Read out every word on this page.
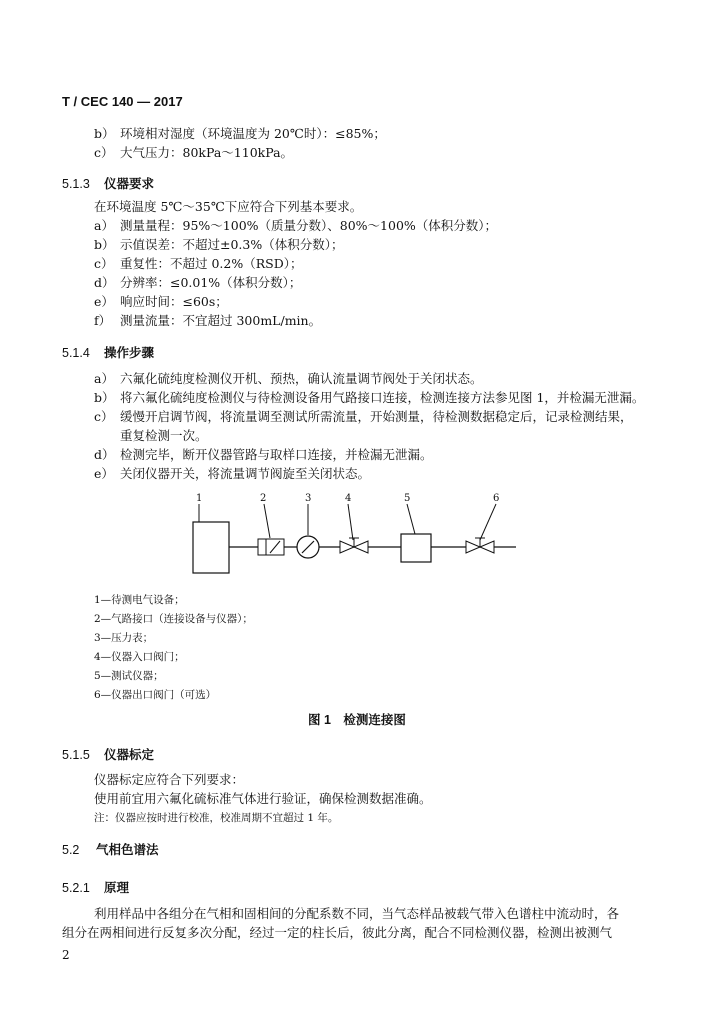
T / CEC 140 — 2017
b） 环境相对湿度（环境温度为 20℃时）：≤85%；
c） 大气压力：80kPa～110kPa。
5.1.3 仪器要求
在环境温度 5℃～35℃下应符合下列基本要求。
a） 测量量程：95%～100%（质量分数）、80%～100%（体积分数）；
b） 示值误差：不超过±0.3%（体积分数）；
c） 重复性：不超过 0.2%（RSD）；
d） 分辨率：≤0.01%（体积分数）；
e） 响应时间：≤60s；
f） 测量流量：不宜超过 300mL/min。
5.1.4 操作步骤
a） 六氟化硫纯度检测仪开机、预热，确认流量调节阀处于关闭状态。
b） 将六氟化硫纯度检测仪与待检测设备用气路接口连接，检测连接方法参见图 1，并检漏无泄漏。
c） 缓慢开启调节阀，将流量调至测试所需流量，开始测量，待检测数据稳定后，记录检测结果，
重复检测一次。
d） 检测完毕，断开仪器管路与取样口连接，并检漏无泄漏。
e） 关闭仪器开关，将流量调节阀旋至关闭状态。
1	2	3	4	5	6
1—待测电气设备；
2—气路接口（连接设备与仪器）；
3—压力表；
4—仪器入口阀门；
5—测试仪器；
6—仪器出口阀门（可选）
图 1　检测连接图
5.1.5 仪器标定
仪器标定应符合下列要求：
使用前宜用六氟化硫标准气体进行验证，确保检测数据准确。
注：仪器应按时进行校准，校准周期不宜超过 1 年。
5.2 气相色谱法
5.2.1 原理
利用样品中各组分在气相和固相间的分配系数不同，当气态样品被载气带入色谱柱中流动时，各
组分在两相间进行反复多次分配，经过一定的柱长后，彼此分离，配合不同检测仪器，检测出被测气
2
